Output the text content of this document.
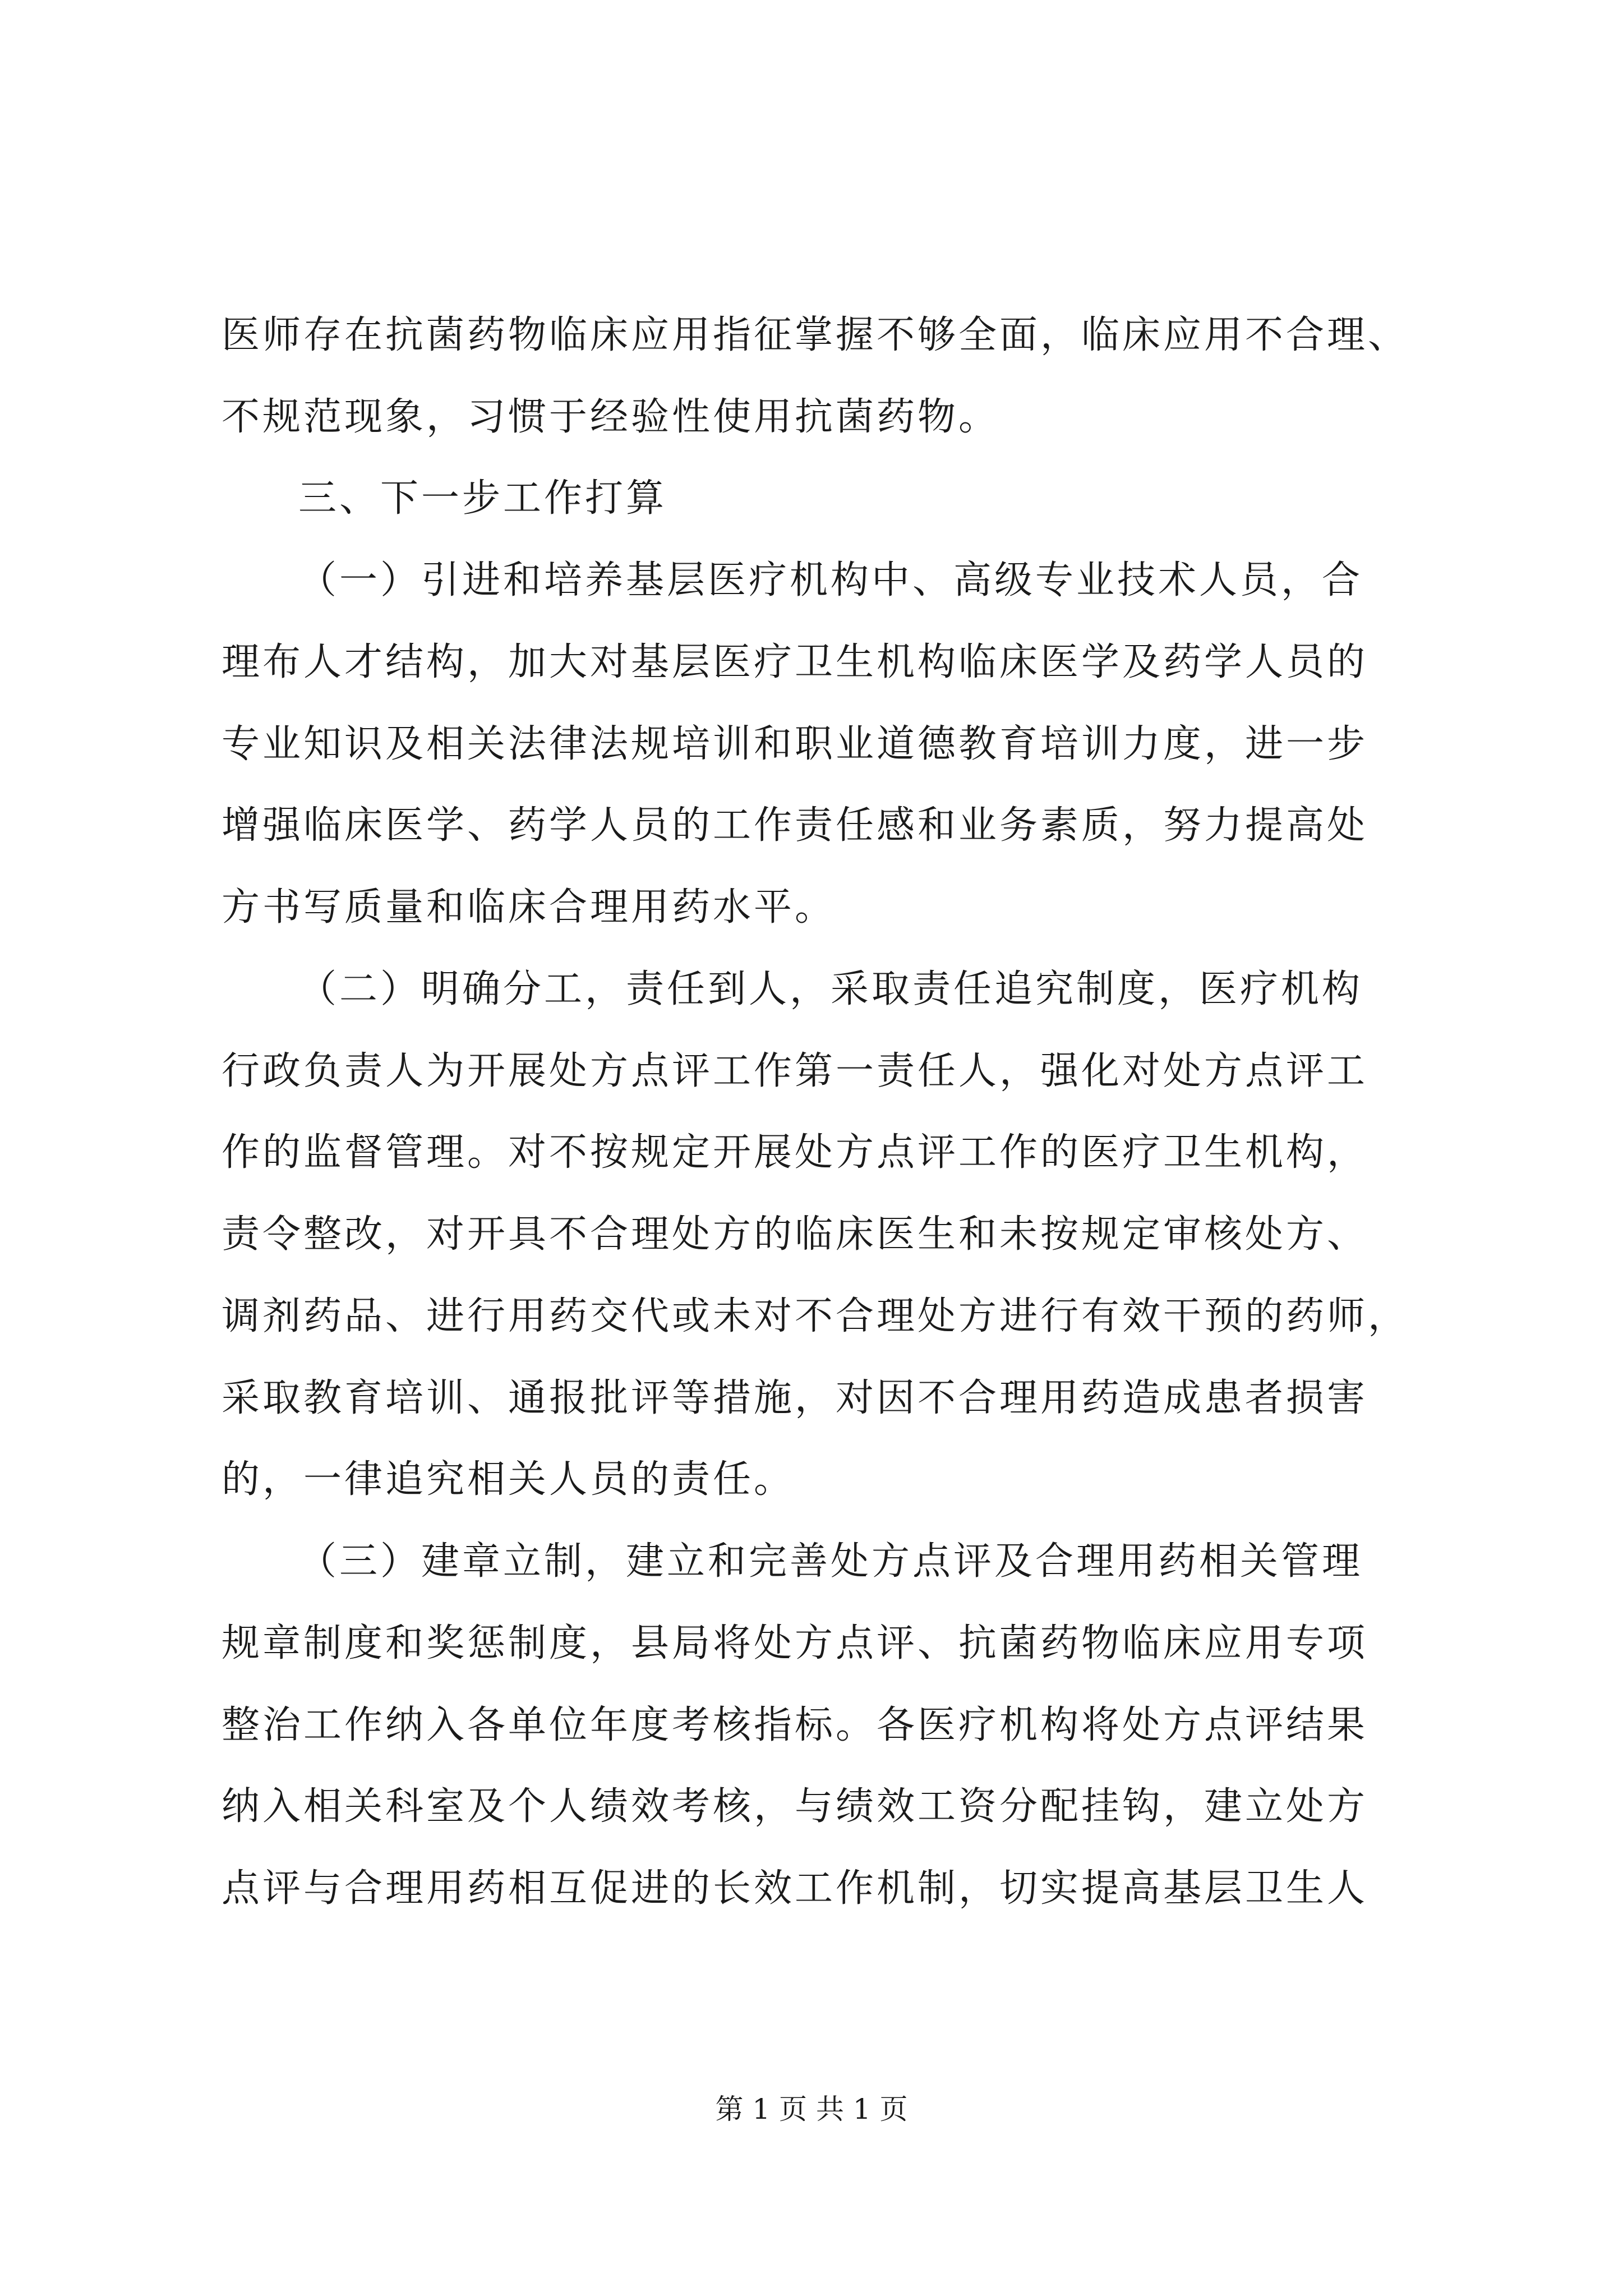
医师存在抗菌药物临床应用指征掌握不够全面，临床应用不合理、
不规范现象，习惯于经验性使用抗菌药物。
三、下一步工作打算
（一）引进和培养基层医疗机构中、高级专业技术人员，合
理布人才结构，加大对基层医疗卫生机构临床医学及药学人员的
专业知识及相关法律法规培训和职业道德教育培训力度，进一步
增强临床医学、药学人员的工作责任感和业务素质，努力提高处
方书写质量和临床合理用药水平。
（二）明确分工，责任到人，采取责任追究制度，医疗机构
行政负责人为开展处方点评工作第一责任人，强化对处方点评工
作的监督管理。对不按规定开展处方点评工作的医疗卫生机构，
责令整改，对开具不合理处方的临床医生和未按规定审核处方、
调剂药品、进行用药交代或未对不合理处方进行有效干预的药师，
采取教育培训、通报批评等措施，对因不合理用药造成患者损害
的，一律追究相关人员的责任。
（三）建章立制，建立和完善处方点评及合理用药相关管理
规章制度和奖惩制度，县局将处方点评、抗菌药物临床应用专项
整治工作纳入各单位年度考核指标。各医疗机构将处方点评结果
纳入相关科室及个人绩效考核，与绩效工资分配挂钩，建立处方
点评与合理用药相互促进的长效工作机制，切实提高基层卫生人
第 1 页 共 1 页
